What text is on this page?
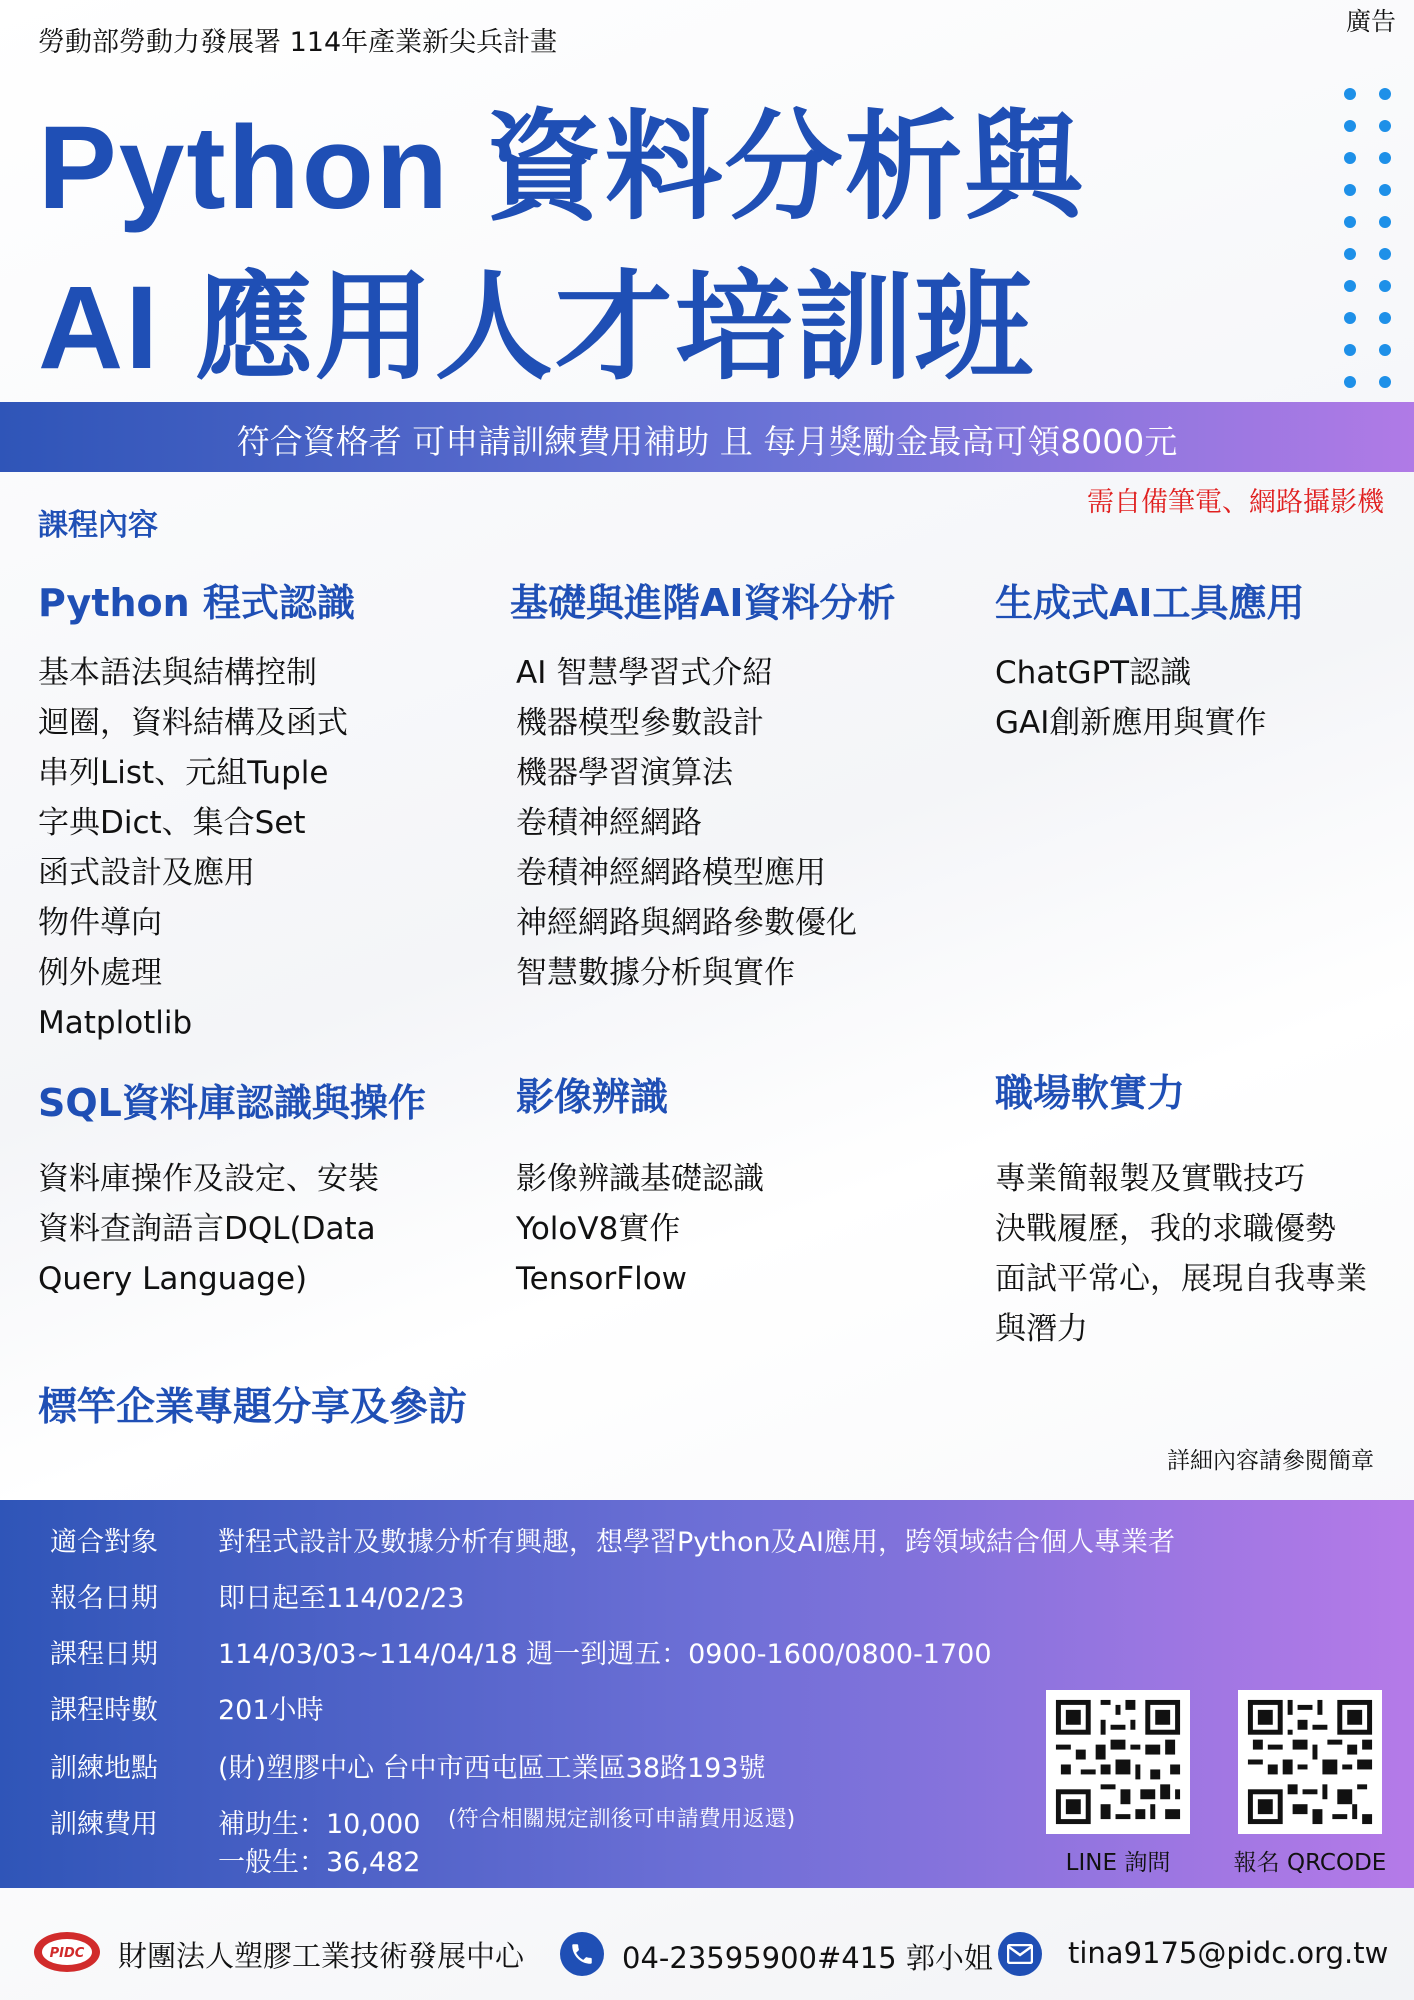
勞動部勞動力發展署 114年產業新尖兵計畫
廣告
Python 資料分析與
AI 應用人才培訓班
符合資格者 可申請訓練費用補助 且 每月獎勵金最高可領8000元
需自備筆電、網路攝影機
課程內容
Python 程式認識
基本語法與結構控制
迴圈，資料結構及函式
串列List、元組Tuple
字典Dict、集合Set
函式設計及應用
物件導向
例外處理
Matplotlib
基礎與進階AI資料分析
AI 智慧學習式介紹
機器模型參數設計
機器學習演算法
卷積神經網路
卷積神經網路模型應用
神經網路與網路參數優化
智慧數據分析與實作
生成式AI工具應用
ChatGPT認識
GAI創新應用與實作
SQL資料庫認識與操作
資料庫操作及設定、安裝
資料查詢語言DQL(Data
Query Language)
影像辨識
影像辨識基礎認識
YoloV8實作
TensorFlow
職場軟實力
專業簡報製及實戰技巧
決戰履歷，我的求職優勢
面試平常心，展現自我專業
與潛力
標竿企業專題分享及參訪
詳細內容請參閱簡章
適合對象 對程式設計及數據分析有興趣，想學習Python及AI應用，跨領域結合個人專業者
報名日期 即日起至114/02/23
課程日期 114/03/03~114/04/18 週一到週五：0900-1600/0800-1700
課程時數 201小時
訓練地點 (財)塑膠中心 台中市西屯區工業區38路193號
訓練費用 補助生：10,000 (符合相關規定訓後可申請費用返還)
一般生：36,482	LINE 詢問	報名 QRCODE
PIDC 財團法人塑膠工業技術發展中心	04-23595900#415 郭小姐	tina9175@pidc.org.tw
